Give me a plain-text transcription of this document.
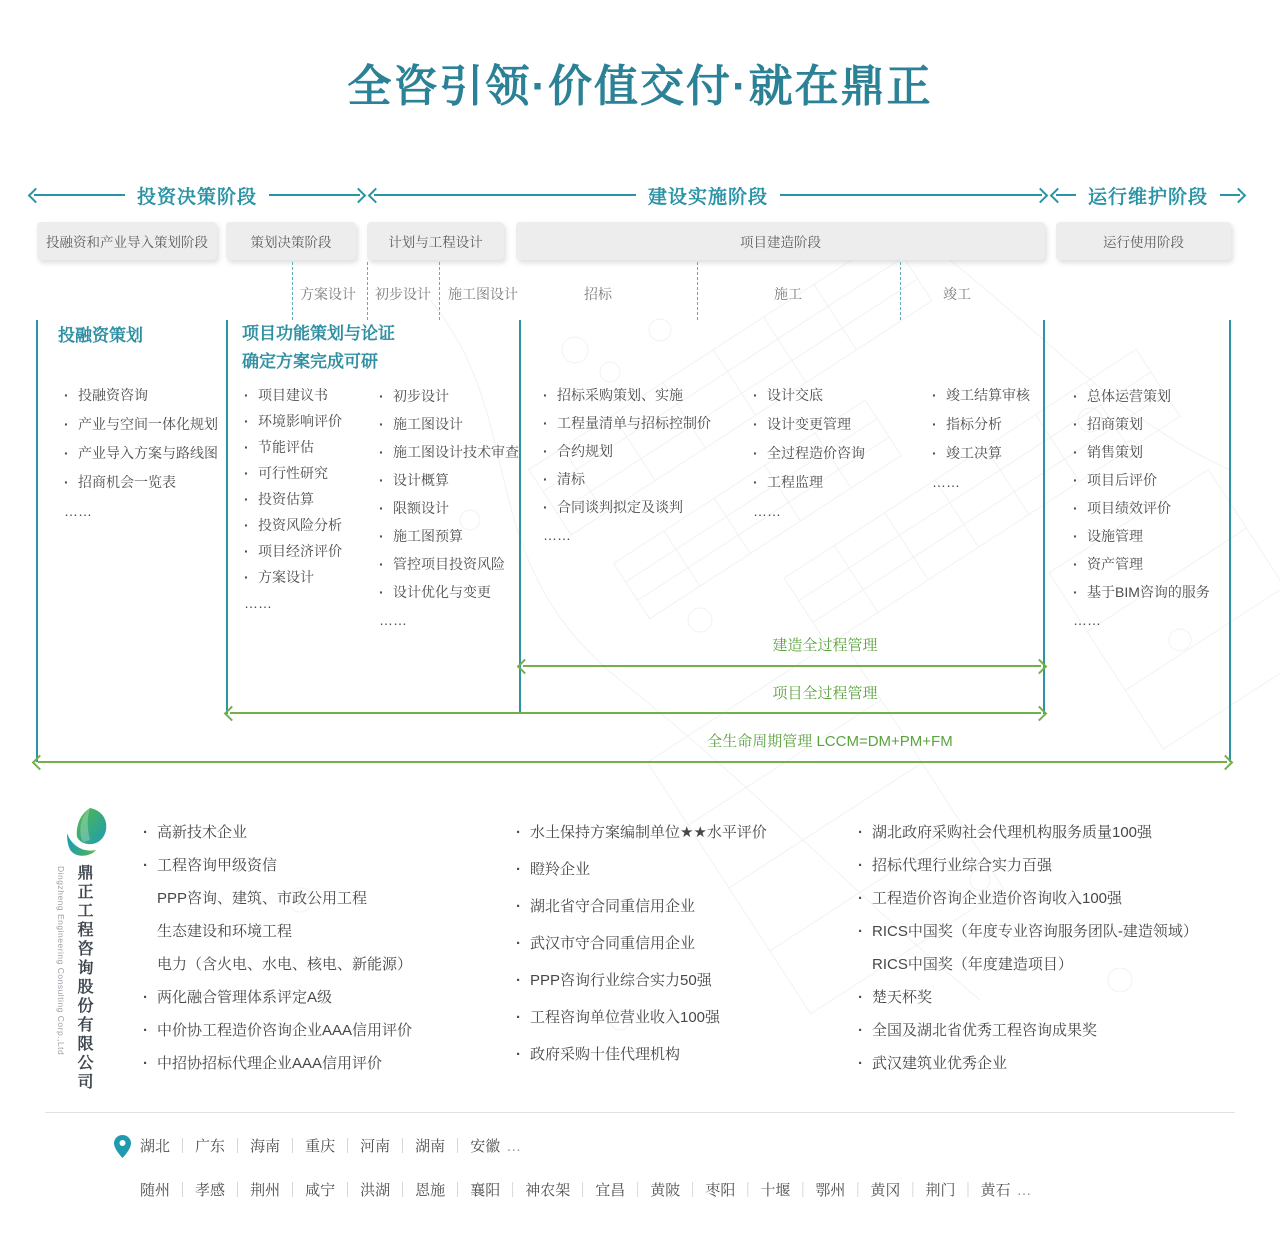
全咨引领·价值交付·就在鼎正
投资决策阶段	建设实施阶段	运行维护阶段
投融资和产业导入策划阶段	策划决策阶段	计划与工程设计	项目建造阶段	运行使用阶段
方案设计 初步设计 施工图设计	招标	施工	竣工
投融资策划	项目功能策划与论证
确定方案完成可研
· 投融资咨询
· 产业与空间一体化规划
· 产业导入方案与路线图
· 招商机会一览表
……
· 项目建议书
· 环境影响评价
· 节能评估
· 可行性研究
· 投资估算
· 投资风险分析
· 项目经济评价
· 方案设计
……
· 初步设计
· 施工图设计
· 施工图设计技术审查
· 设计概算
· 限额设计
· 施工图预算
· 管控项目投资风险
· 设计优化与变更
……
· 招标采购策划、实施
· 工程量清单与招标控制价
· 合约规划
· 清标
· 合同谈判拟定及谈判
……
· 设计交底
· 设计变更管理
· 全过程造价咨询
· 工程监理
……
· 竣工结算审核
· 指标分析
· 竣工决算
……
· 总体运营策划
· 招商策划
· 销售策划
· 项目后评价
· 项目绩效评价
· 设施管理
· 资产管理
· 基于BIM咨询的服务
……
建造全过程管理
项目全过程管理
全生命周期管理 LCCM=DM+PM+FM
鼎正工程咨询股份有限公司
Dingzheng Engineering Consulting Corp.,Ltd
· 高新技术企业
· 工程咨询甲级资信
PPP咨询、建筑、市政公用工程
生态建设和环境工程
电力（含火电、水电、核电、新能源）
· 两化融合管理体系评定A级
· 中价协工程造价咨询企业AAA信用评价
· 中招协招标代理企业AAA信用评价
· 水土保持方案编制单位★★水平评价
· 瞪羚企业
· 湖北省守合同重信用企业
· 武汉市守合同重信用企业
· PPP咨询行业综合实力50强
· 工程咨询单位营业收入100强
· 政府采购十佳代理机构
· 湖北政府采购社会代理机构服务质量100强
· 招标代理行业综合实力百强
· 工程造价咨询企业造价咨询收入100强
· RICS中国奖（年度专业咨询服务团队-建造领域）
RICS中国奖（年度建造项目）
· 楚天杯奖
· 全国及湖北省优秀工程咨询成果奖
· 武汉建筑业优秀企业
湖北 ｜ 广东 ｜ 海南 ｜ 重庆 ｜ 河南 ｜ 湖南 ｜ 安徽 …
随州 ｜ 孝感 ｜ 荆州 ｜ 咸宁 ｜ 洪湖 ｜ 恩施 ｜ 襄阳 ｜ 神农架 ｜ 宜昌 ｜ 黄陂 ｜ 枣阳 ｜ 十堰 ｜ 鄂州 ｜ 黄冈 ｜ 荆门 ｜ 黄石 …
